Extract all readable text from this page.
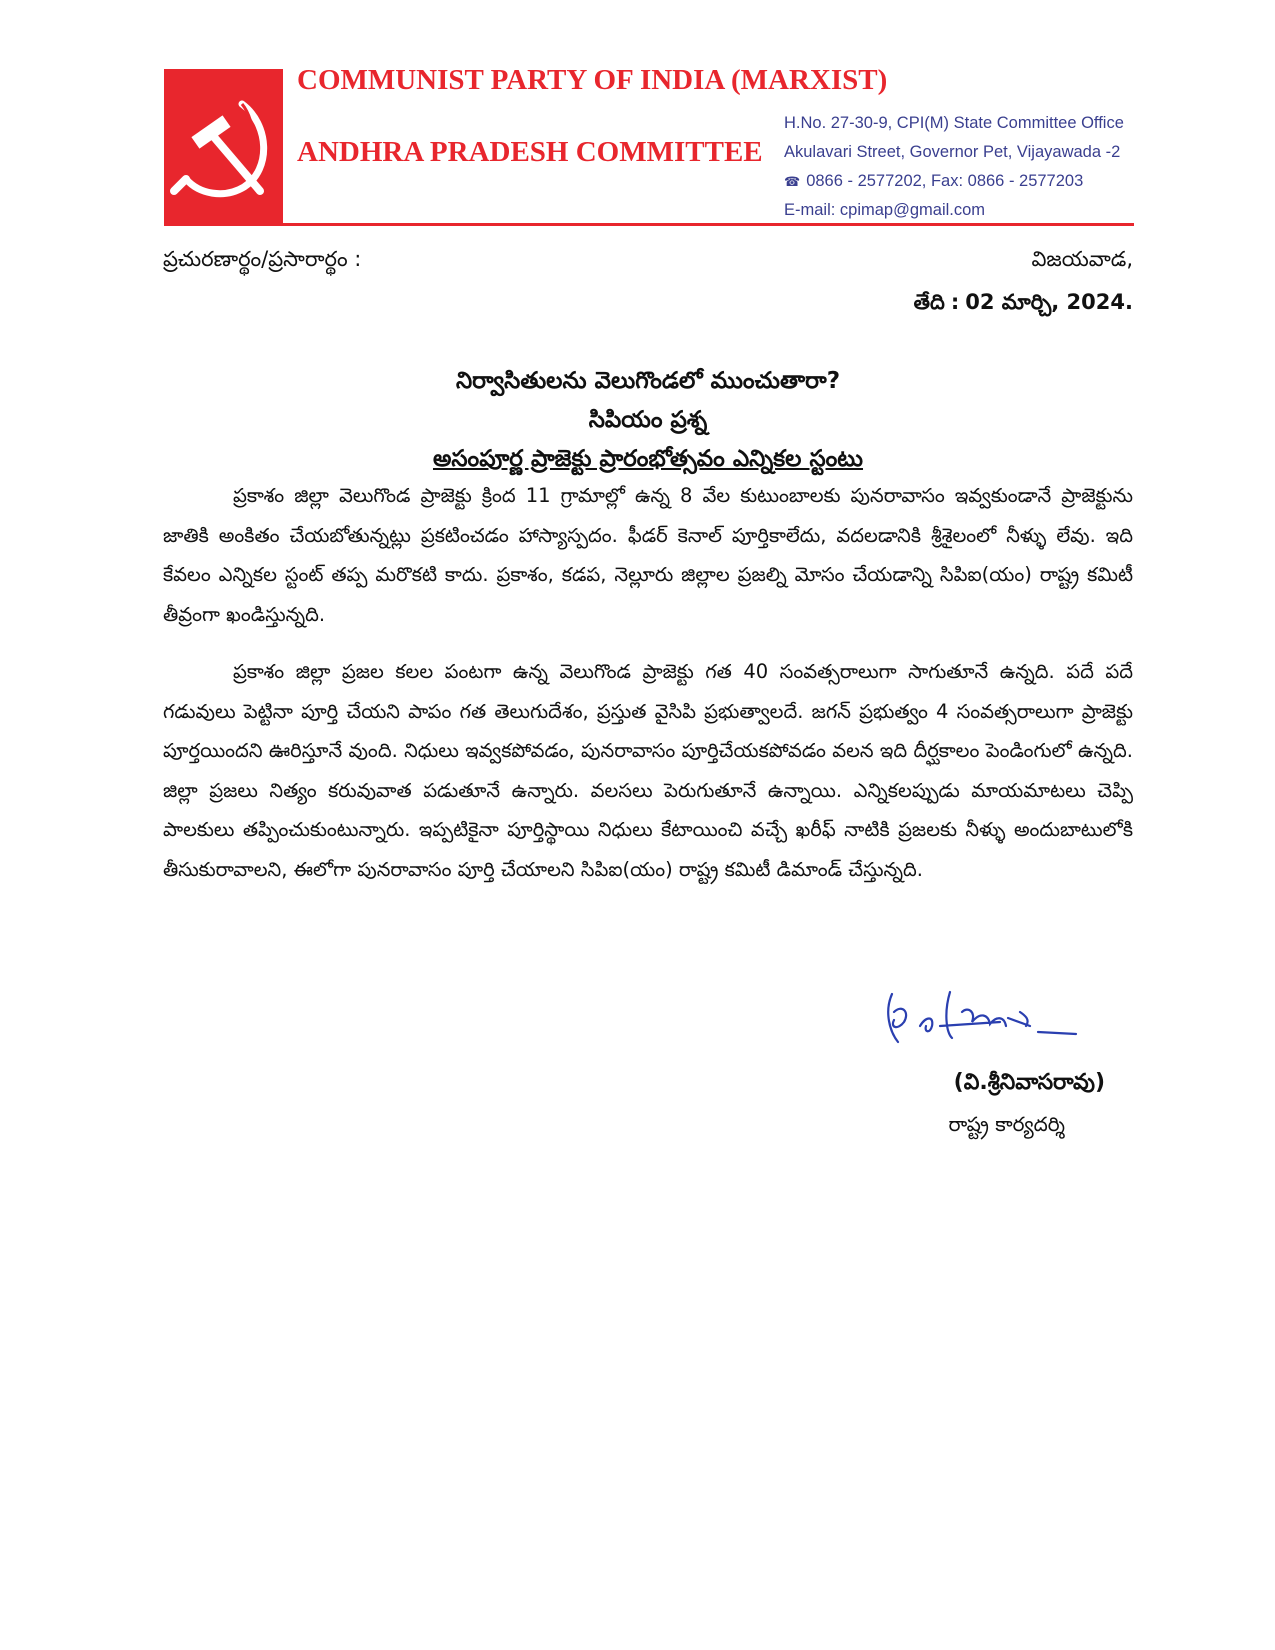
COMMUNIST PARTY OF INDIA (MARXIST)
ANDHRA PRADESH COMMITTEE
H.No. 27-30-9, CPI(M) State Committee Office
Akulavari Street, Governor Pet, Vijayawada -2
☎ 0866 - 2577202, Fax: 0866 - 2577203
E-mail: cpimap@gmail.com
ప్రచురణార్థం/ప్రసారార్థం :	విజయవాడ,
తేది : 02 మార్చి, 2024.
నిర్వాసితులను వెలుగొండలో ముంచుతారా?
సిపియం ప్రశ్న
అసంపూర్ణ ప్రాజెక్టు ప్రారంభోత్సవం ఎన్నికల స్టంటు

ప్రకాశం జిల్లా వెలుగొండ ప్రాజెక్టు క్రింద 11 గ్రామాల్లో ఉన్న 8 వేల కుటుంబాలకు పునరావాసం ఇవ్వకుండానే ప్రాజెక్టును జాతికి అంకితం చేయబోతున్నట్లు ప్రకటించడం హాస్యాస్పదం. ఫీడర్ కెనాల్ పూర్తికాలేదు, వదలడానికి శ్రీశైలంలో నీళ్ళు లేవు. ఇది కేవలం ఎన్నికల స్టంట్ తప్ప మరొకటి కాదు. ప్రకాశం, కడప, నెల్లూరు జిల్లాల ప్రజల్ని మోసం చేయడాన్ని సిపిఐ(యం) రాష్ట్ర కమిటీ తీవ్రంగా ఖండిస్తున్నది.

ప్రకాశం జిల్లా ప్రజల కలల పంటగా ఉన్న వెలుగొండ ప్రాజెక్టు గత 40 సంవత్సరాలుగా సాగుతూనే ఉన్నది. పదే పదే గడువులు పెట్టినా పూర్తి చేయని పాపం గత తెలుగుదేశం, ప్రస్తుత వైసిపి ప్రభుత్వాలదే. జగన్ ప్రభుత్వం 4 సంవత్సరాలుగా ప్రాజెక్టు పూర్తయిందని ఊరిస్తూనే వుంది. నిధులు ఇవ్వకపోవడం, పునరావాసం పూర్తిచేయకపోవడం వలన ఇది దీర్ఘకాలం పెండింగులో ఉన్నది. జిల్లా ప్రజలు నిత్యం కరువువాత పడుతూనే ఉన్నారు. వలసలు పెరుగుతూనే ఉన్నాయి. ఎన్నికలప్పుడు మాయమాటలు చెప్పి పాలకులు తప్పించుకుంటున్నారు. ఇప్పటికైనా పూర్తిస్థాయి నిధులు కేటాయించి వచ్చే ఖరీఫ్ నాటికి ప్రజలకు నీళ్ళు అందుబాటులోకి తీసుకురావాలని, ఈలోగా పునరావాసం పూర్తి చేయాలని సిపిఐ(యం) రాష్ట్ర కమిటీ డిమాండ్ చేస్తున్నది.

(వి.శ్రీనివాసరావు)
రాష్ట్ర కార్యదర్శి
